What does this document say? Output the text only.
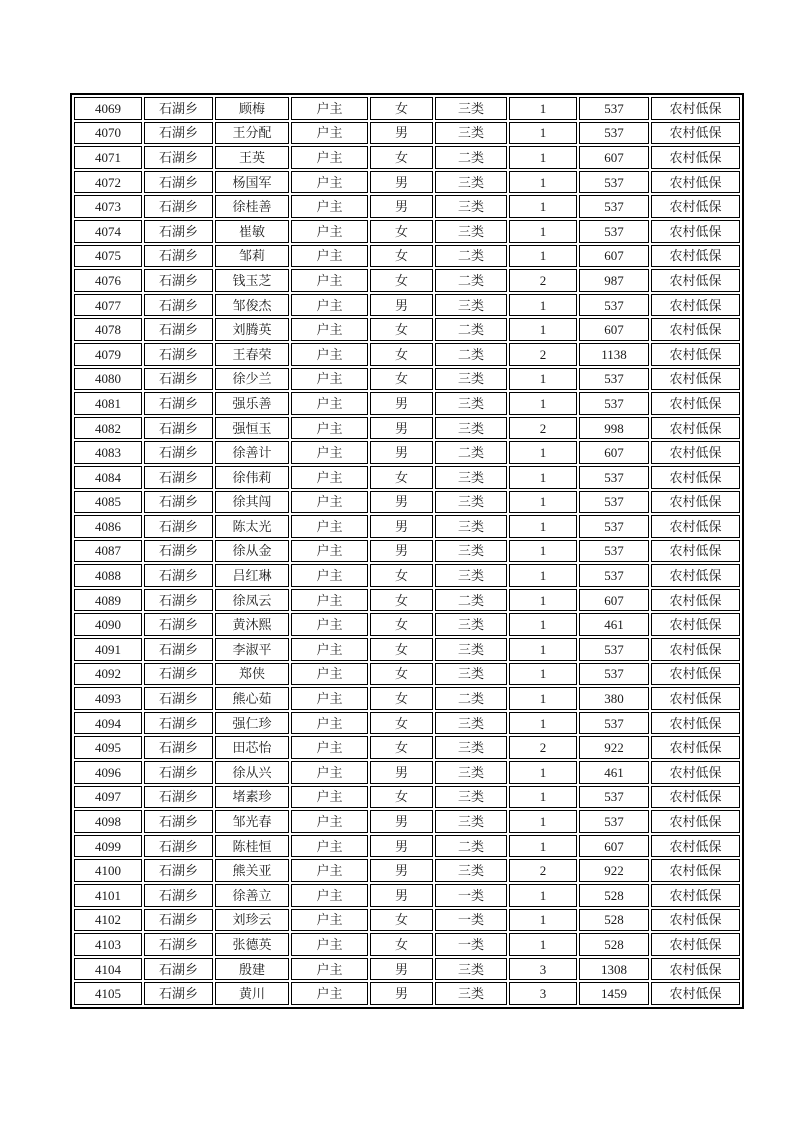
4069	石湖乡	顾梅	户主	女	三类	1	537	农村低保
4070	石湖乡	王分配	户主	男	三类	1	537	农村低保
4071	石湖乡	王英	户主	女	二类	1	607	农村低保
4072	石湖乡	杨国军	户主	男	三类	1	537	农村低保
4073	石湖乡	徐桂善	户主	男	三类	1	537	农村低保
4074	石湖乡	崔敏	户主	女	三类	1	537	农村低保
4075	石湖乡	邹莉	户主	女	二类	1	607	农村低保
4076	石湖乡	钱玉芝	户主	女	二类	2	987	农村低保
4077	石湖乡	邹俊杰	户主	男	三类	1	537	农村低保
4078	石湖乡	刘腾英	户主	女	二类	1	607	农村低保
4079	石湖乡	王春荣	户主	女	二类	2	1138	农村低保
4080	石湖乡	徐少兰	户主	女	三类	1	537	农村低保
4081	石湖乡	强乐善	户主	男	三类	1	537	农村低保
4082	石湖乡	强恒玉	户主	男	三类	2	998	农村低保
4083	石湖乡	徐善计	户主	男	二类	1	607	农村低保
4084	石湖乡	徐伟莉	户主	女	三类	1	537	农村低保
4085	石湖乡	徐其闯	户主	男	三类	1	537	农村低保
4086	石湖乡	陈太光	户主	男	三类	1	537	农村低保
4087	石湖乡	徐从金	户主	男	三类	1	537	农村低保
4088	石湖乡	吕红琳	户主	女	三类	1	537	农村低保
4089	石湖乡	徐凤云	户主	女	二类	1	607	农村低保
4090	石湖乡	黄沐熙	户主	女	三类	1	461	农村低保
4091	石湖乡	李淑平	户主	女	三类	1	537	农村低保
4092	石湖乡	郑侠	户主	女	三类	1	537	农村低保
4093	石湖乡	熊心茹	户主	女	二类	1	380	农村低保
4094	石湖乡	强仁珍	户主	女	三类	1	537	农村低保
4095	石湖乡	田芯怡	户主	女	三类	2	922	农村低保
4096	石湖乡	徐从兴	户主	男	三类	1	461	农村低保
4097	石湖乡	堵素珍	户主	女	三类	1	537	农村低保
4098	石湖乡	邹光春	户主	男	三类	1	537	农村低保
4099	石湖乡	陈桂恒	户主	男	二类	1	607	农村低保
4100	石湖乡	熊关亚	户主	男	三类	2	922	农村低保
4101	石湖乡	徐善立	户主	男	一类	1	528	农村低保
4102	石湖乡	刘珍云	户主	女	一类	1	528	农村低保
4103	石湖乡	张德英	户主	女	一类	1	528	农村低保
4104	石湖乡	殷建	户主	男	三类	3	1308	农村低保
4105	石湖乡	黄川	户主	男	三类	3	1459	农村低保
